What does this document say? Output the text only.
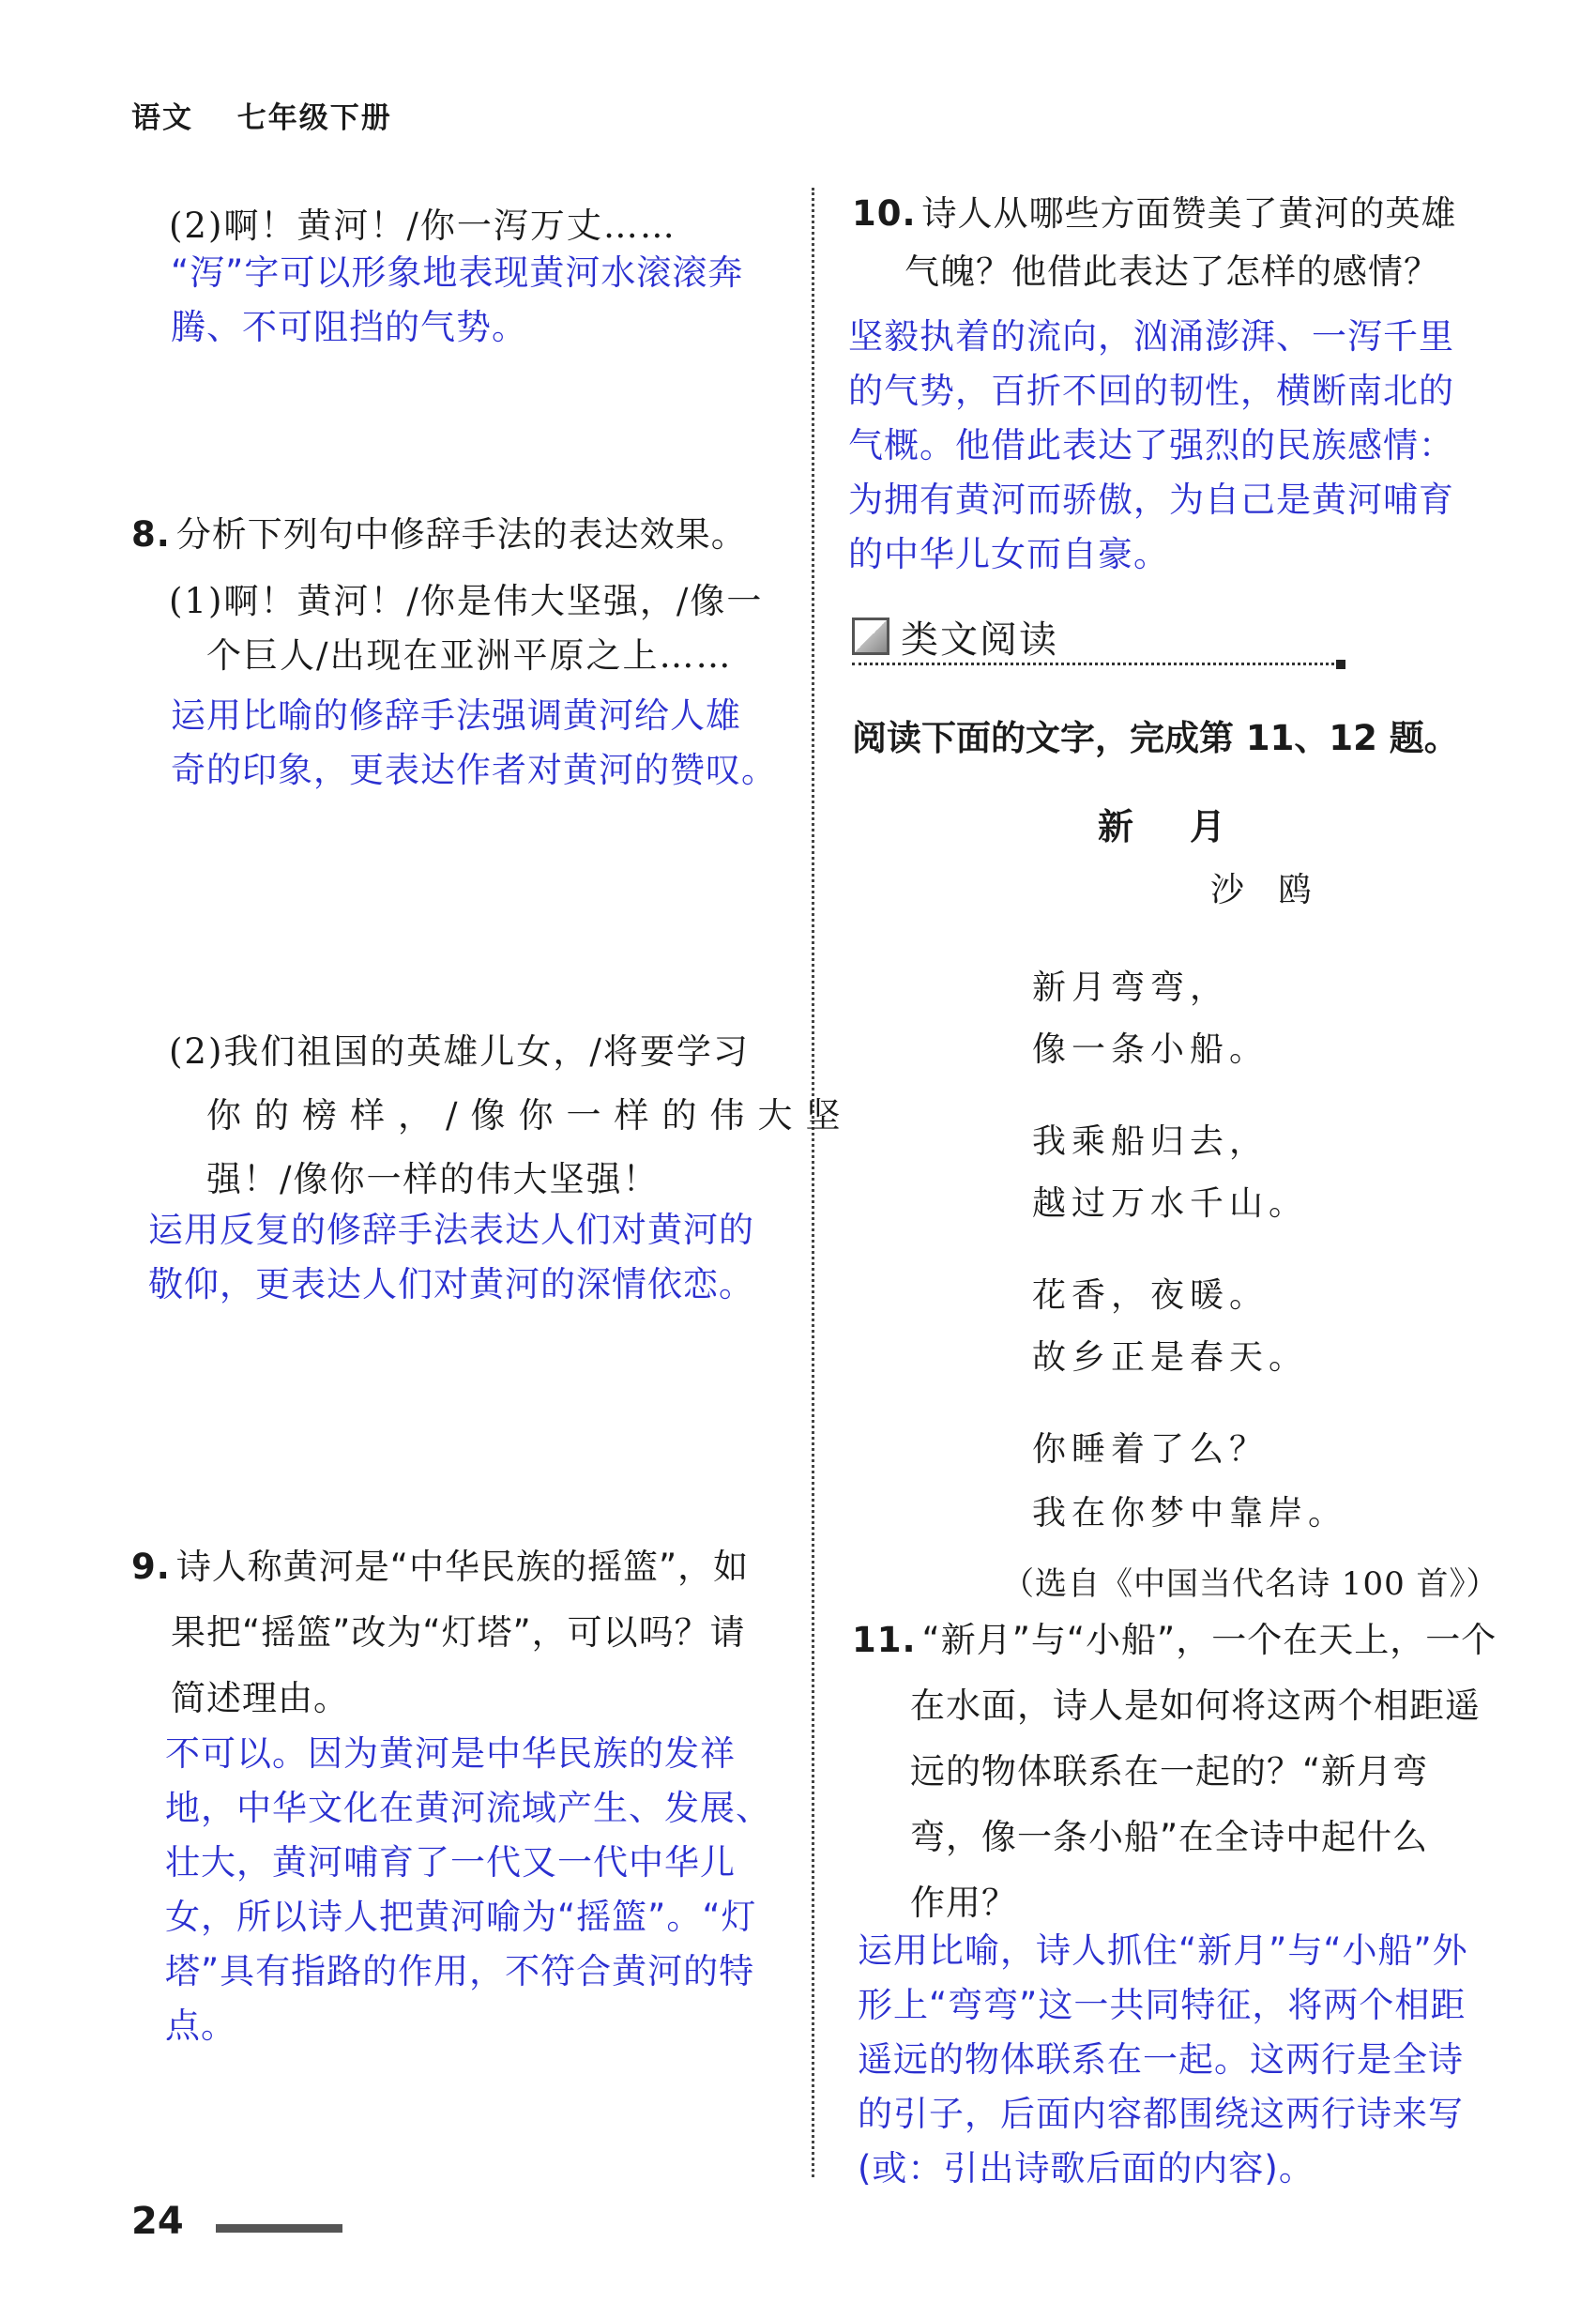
语文 七年级下册
(2)啊！黄河！/你一泻万丈……
“泻”字可以形象地表现黄河水滚滚奔
腾、不可阻挡的气势。
8. 分析下列句中修辞手法的表达效果。
(1)啊！黄河！/你是伟大坚强，/像一
个巨人/出现在亚洲平原之上……
运用比喻的修辞手法强调黄河给人雄
奇的印象，更表达作者对黄河的赞叹。
(2)我们祖国的英雄儿女，/将要学习
你的榜样，/像你一样的伟大坚
强！/像你一样的伟大坚强！
运用反复的修辞手法表达人们对黄河的
敬仰，更表达人们对黄河的深情依恋。
9. 诗人称黄河是“中华民族的摇篮”，如
果把“摇篮”改为“灯塔”，可以吗？请
简述理由。
不可以。因为黄河是中华民族的发祥
地，中华文化在黄河流域产生、发展、
壮大，黄河哺育了一代又一代中华儿
女，所以诗人把黄河喻为“摇篮”。“灯
塔”具有指路的作用，不符合黄河的特
点。
10. 诗人从哪些方面赞美了黄河的英雄
气魄？他借此表达了怎样的感情？
坚毅执着的流向，汹涌澎湃、一泻千里
的气势，百折不回的韧性，横断南北的
气概。他借此表达了强烈的民族感情：
为拥有黄河而骄傲，为自己是黄河哺育
的中华儿女而自豪。
类文阅读
阅读下面的文字，完成第 11、12 题。
新月
沙鸥
新月弯弯，
像一条小船。
我乘船归去，
越过万水千山。
花香，夜暖。
故乡正是春天。
你睡着了么？
我在你梦中靠岸。
（选自《中国当代名诗 100 首》）
11. “新月”与“小船”，一个在天上，一个
在水面，诗人是如何将这两个相距遥
远的物体联系在一起的？“新月弯
弯，像一条小船”在全诗中起什么
作用？
运用比喻，诗人抓住“新月”与“小船”外
形上“弯弯”这一共同特征，将两个相距
遥远的物体联系在一起。这两行是全诗
的引子，后面内容都围绕这两行诗来写
(或：引出诗歌后面的内容)。
24
